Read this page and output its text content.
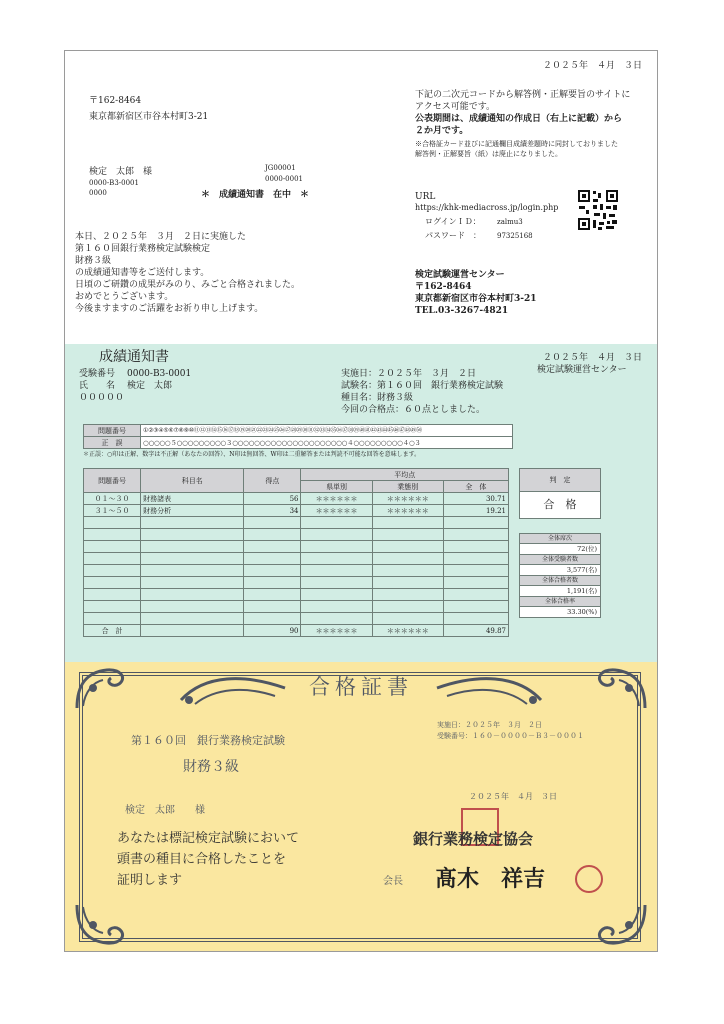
２０２５年　４月　３日
〒162-8464
東京都新宿区市谷本村町3-21
検定　太郎　様
0000-B3-0001
0000
JG00001
0000-0001
＊　成績通知書　在中　＊
本日、２０２５年　３月　２日に実施した
第１６０回銀行業務検定試験検定
財務３級
の成績通知書等をご送付します。
日頃のご研鑽の成果がみのり、みごと合格されました。
おめでとうございます。
今後ますますのご活躍をお祈り申し上げます。
下記の二次元コードから解答例・正解要旨のサイトに
アクセス可能です。
公表期間は、成績通知の作成日（右上に記載）から
２か月です。
※合格証カード並びに記通欄目成績差題時に同封しておりました
解答例・正解要旨（紙）は廃止になりました。
URL
https://khk-mediacross.jp/login.php
ログインＩＤ： zalmu3
パスワード　： 97325168
検定試験運営センター
〒162-8464
東京都新宿区市谷本村町3-21
TEL.03-3267-4821
成績通知書	２０２５年　４月　３日
検定試験運営センター
受験番号 0000-B3-0001
氏　　名 検定　太郎
０００００
実施日：２０２５年　３月　２日
試験名：第１６０回　銀行業務検定試験
種目名：財務３級
今回の合格点：６０点としました。
問題番号	①②③④⑤⑥⑦⑧⑨⑩⑪⑫⑬⑭⑮⑯⑰⑱⑲⑳㉑㉒㉓㉔㉕㉖㉗㉘㉙㉚㉛㉜㉝㉞㉟㊱㊲㊳㊴㊵㊶㊷㊸㊹㊺㊻㊼㊽㊾㊿
正　誤	○○○○○５○○○○○○○○○３○○○○○○○○○○○○○○○○○○○○○４○○○○○○○○○４○３
＊正誤：○印は正解、数字は不正解（あなたの回答）、N印は無回答、W印は二重解答または判読不可能な回答を意味します。
問題番号	科目名	得点	平均点		
			県単別	業態別	全　体
０１～３０	財務諸表	56	＊＊＊＊＊＊	＊＊＊＊＊＊	30.71
３１～５０	財務分析	34	＊＊＊＊＊＊	＊＊＊＊＊＊	19.21

合　計		90	＊＊＊＊＊＊	＊＊＊＊＊＊	49.87
判　定
合　格
全体席次
72(位)
全体受験者数
3,577(名)
全体合格者数
1,191(名)
全体合格率
33.30(%)
合格証書
実施日：２０２５年　３月　２日
受験番号：１６０－００００－Ｂ３－０００１
第１６０回　銀行業務検定試験
財務３級
検定　太郎　　様
２０２５年　４月　３日
あなたは標記検定試験において
頭書の種目に合格したことを
証明します
銀行業務検定協会
会長 髙木　祥吉
